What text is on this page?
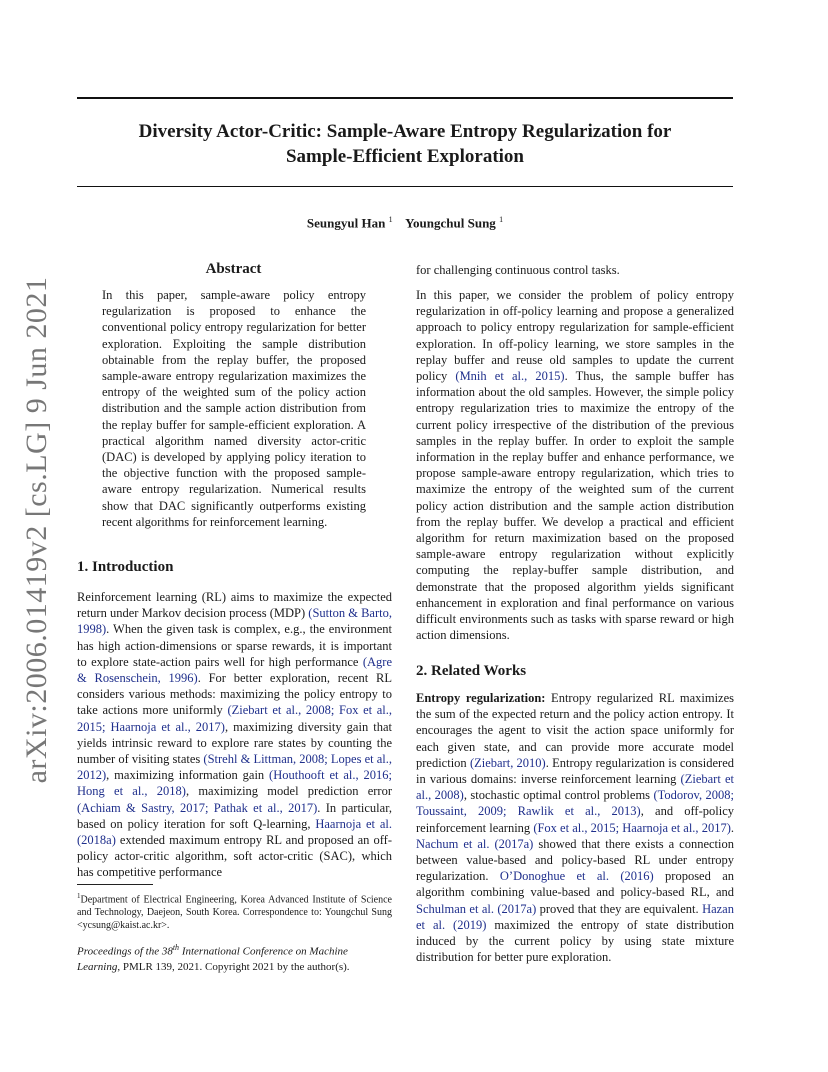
Diversity Actor-Critic: Sample-Aware Entropy Regularization for
Sample-Efficient Exploration
Seungyul Han $^1$ Youngchul Sung $^1$
arXiv:2006.01419v2 [cs.LG] 9 Jun 2021
Abstract
In this paper, sample-aware policy entropy regularization is proposed to enhance the conventional policy entropy regularization for better exploration. Exploiting the sample distribution obtainable from the replay buffer, the proposed sample-aware entropy regularization maximizes the entropy of the weighted sum of the policy action distribution and the sample action distribution from the replay buffer for sample-efficient exploration. A practical algorithm named diversity actor-critic (DAC) is developed by applying policy iteration to the objective function with the proposed sample-aware entropy regularization. Numerical results show that DAC significantly outperforms existing recent algorithms for reinforcement learning.
1. Introduction
Reinforcement learning (RL) aims to maximize the expected return under Markov decision process (MDP) (Sutton & Barto, 1998). When the given task is complex, e.g., the environment has high action-dimensions or sparse rewards, it is important to explore state-action pairs well for high performance (Agre & Rosenschein, 1996). For better exploration, recent RL considers various methods: maximizing the policy entropy to take actions more uniformly (Ziebart et al., 2008; Fox et al., 2015; Haarnoja et al., 2017), maximizing diversity gain that yields intrinsic reward to explore rare states by counting the number of visiting states (Strehl & Littman, 2008; Lopes et al., 2012), maximizing information gain (Houthooft et al., 2016; Hong et al., 2018), maximizing model prediction error (Achiam & Sastry, 2017; Pathak et al., 2017). In particular, based on policy iteration for soft Q-learning, Haarnoja et al. (2018a) extended maximum entropy RL and proposed an off-policy actor-critic algorithm, soft actor-critic (SAC), which has competitive performance
$^1$Department of Electrical Engineering, Korea Advanced Institute of Science and Technology, Daejeon, South Korea. Correspondence to: Youngchul Sung <ycsung@kaist.ac.kr>.
Proceedings of the 38th International Conference on Machine Learning, PMLR 139, 2021. Copyright 2021 by the author(s).
for challenging continuous control tasks.
In this paper, we consider the problem of policy entropy regularization in off-policy learning and propose a generalized approach to policy entropy regularization for sample-efficient exploration. In off-policy learning, we store samples in the replay buffer and reuse old samples to update the current policy (Mnih et al., 2015). Thus, the sample buffer has information about the old samples. However, the simple policy entropy regularization tries to maximize the entropy of the current policy irrespective of the distribution of the previous samples in the replay buffer. In order to exploit the sample information in the replay buffer and enhance performance, we propose sample-aware entropy regularization, which tries to maximize the entropy of the weighted sum of the current policy action distribution and the sample action distribution from the replay buffer. We develop a practical and efficient algorithm for return maximization based on the proposed sample-aware entropy regularization without explicitly computing the replay-buffer sample distribution, and demonstrate that the proposed algorithm yields significant enhancement in exploration and final performance on various difficult environments such as tasks with sparse reward or high action dimensions.
2. Related Works
Entropy regularization: Entropy regularized RL maximizes the sum of the expected return and the policy action entropy. It encourages the agent to visit the action space uniformly for each given state, and can provide more accurate model prediction (Ziebart, 2010). Entropy regularization is considered in various domains: inverse reinforcement learning (Ziebart et al., 2008), stochastic optimal control problems (Todorov, 2008; Toussaint, 2009; Rawlik et al., 2013), and off-policy reinforcement learning (Fox et al., 2015; Haarnoja et al., 2017). Nachum et al. (2017a) showed that there exists a connection between value-based and policy-based RL under entropy regularization. O’Donoghue et al. (2016) proposed an algorithm combining value-based and policy-based RL, and Schulman et al. (2017a) proved that they are equivalent. Hazan et al. (2019) maximized the entropy of state distribution induced by the current policy by using state mixture distribution for better pure exploration.
